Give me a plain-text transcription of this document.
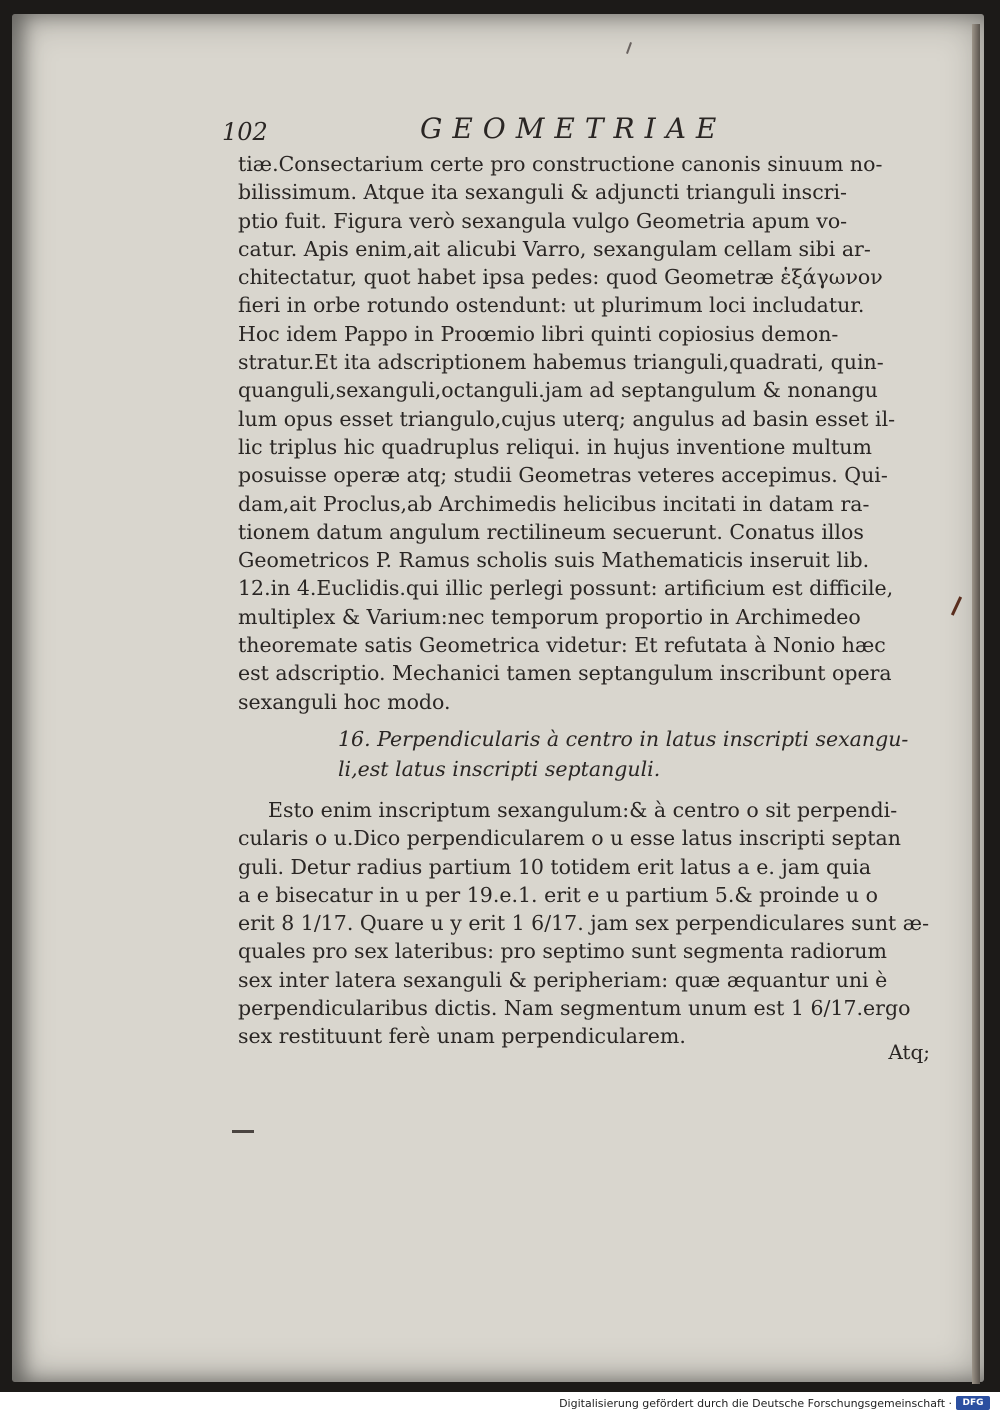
102	GEOMETRIAE
tiæ.Consectarium certe pro constructione canonis sinuum no-
bilissimum. Atque ita sexanguli & adjuncti trianguli inscri-
ptio fuit. Figura verò sexangula vulgo Geometria apum vo-
catur. Apis enim,ait alicubi Varro, sexangulam cellam sibi ar-
chitectatur, quot habet ipsa pedes: quod Geometræ ἑξάγωνον
fieri in orbe rotundo ostendunt: ut plurimum loci includatur.
Hoc idem Pappo in Proœmio libri quinti copiosius demon-
stratur.Et ita adscriptionem habemus trianguli,quadrati, quin-
quanguli,sexanguli,octanguli.jam ad septangulum & nonangu
lum opus esset triangulo,cujus uterq; angulus ad basin esset il-
lic triplus hic quadruplus reliqui. in hujus inventione multum
posuisse operæ atq; studii Geometras veteres accepimus. Qui-
dam,ait Proclus,ab Archimedis helicibus incitati in datam ra-
tionem datum angulum rectilineum secuerunt. Conatus illos
Geometricos P. Ramus scholis suis Mathematicis inseruit lib.
12.in 4.Euclidis.qui illic perlegi possunt: artificium est difficile,
multiplex & Varium:nec temporum proportio in Archimedeo
theoremate satis Geometrica videtur: Et refutata à Nonio hæc
est adscriptio. Mechanici tamen septangulum inscribunt opera
sexanguli hoc modo.
16. Perpendicularis à centro in latus inscripti sexangu-
li,est latus inscripti septanguli.
Esto enim inscriptum sexangulum:& à centro o sit perpendi-
cularis o u.Dico perpendicularem o u esse latus inscripti septan
guli. Detur radius partium 10 totidem erit latus a e. jam quia
a e bisecatur in u per 19.e.1. erit e u partium 5.& proinde u o
erit 8 1/17. Quare u y erit 1 6/17. jam sex perpendiculares sunt æ-
quales pro sex lateribus: pro septimo sunt segmenta radiorum
sex inter latera sexanguli & peripheriam: quæ æquantur uni è
perpendicularibus dictis. Nam segmentum unum est 1 6/17.ergo
sex restituunt ferè unam perpendicularem.
Atq;
Digitalisierung gefördert durch die Deutsche Forschungsgemeinschaft ·	DFG
